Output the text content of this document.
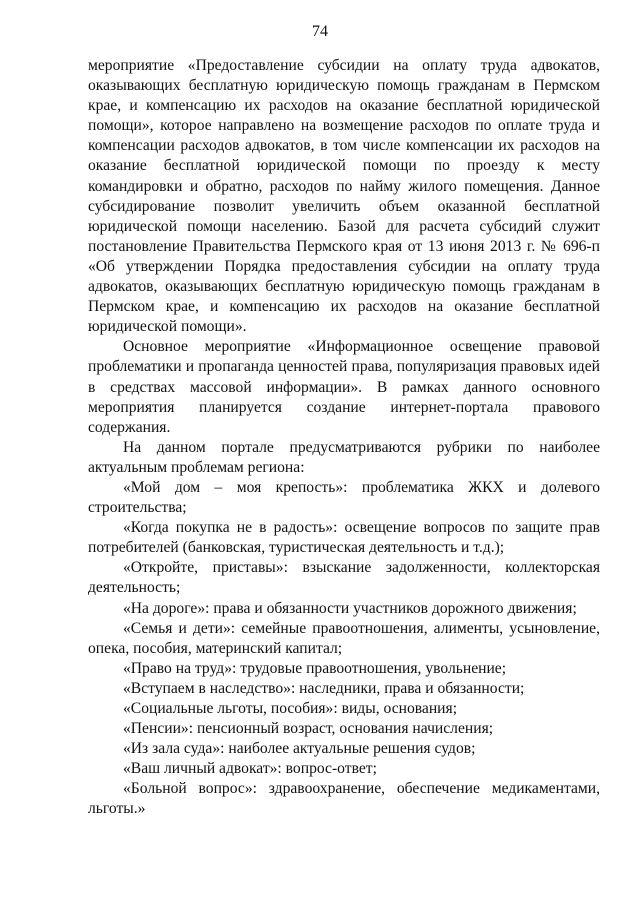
74

мероприятие «Предоставление субсидии на оплату труда адвокатов, оказывающих бесплатную юридическую помощь гражданам в Пермском крае, и компенсацию их расходов на оказание бесплатной юридической помощи», которое направлено на возмещение расходов по оплате труда и компенсации расходов адвокатов, в том числе компенсации их расходов на оказание бесплатной юридической помощи по проезду к месту командировки и обратно, расходов по найму жилого помещения. Данное субсидирование позволит увеличить объем оказанной бесплатной юридической помощи населению. Базой для расчета субсидий служит постановление Правительства Пермского края от 13 июня 2013 г. № 696-п «Об утверждении Порядка предоставления субсидии на оплату труда адвокатов, оказывающих бесплатную юридическую помощь гражданам в Пермском крае, и компенсацию их расходов на оказание бесплатной юридической помощи».

Основное мероприятие «Информационное освещение правовой проблематики и пропаганда ценностей права, популяризация правовых идей в средствах массовой информации». В рамках данного основного мероприятия планируется создание интернет-портала правового содержания.

На данном портале предусматриваются рубрики по наиболее актуальным проблемам региона:

«Мой дом – моя крепость»: проблематика ЖКХ и долевого строительства;

«Когда покупка не в радость»: освещение вопросов по защите прав потребителей (банковская, туристическая деятельность и т.д.);

«Откройте, приставы»: взыскание задолженности, коллекторская деятельность;

«На дороге»: права и обязанности участников дорожного движения;

«Семья и дети»: семейные правоотношения, алименты, усыновление, опека, пособия, материнский капитал;

«Право на труд»: трудовые правоотношения, увольнение;

«Вступаем в наследство»: наследники, права и обязанности;

«Социальные льготы, пособия»: виды, основания;

«Пенсии»: пенсионный возраст, основания начисления;

«Из зала суда»: наиболее актуальные решения судов;

«Ваш личный адвокат»: вопрос-ответ;

«Больной вопрос»: здравоохранение, обеспечение медикаментами, льготы.»
